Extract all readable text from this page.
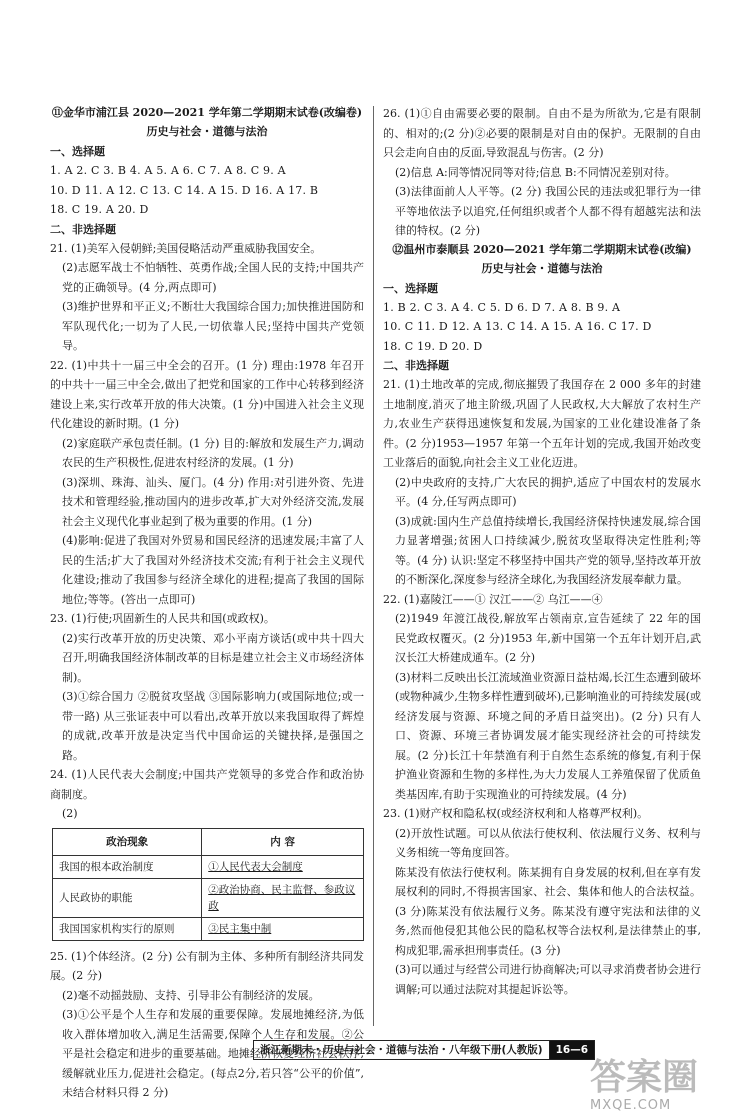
⑪金华市浦江县 2020—2021 学年第二学期期末试卷(改编卷)
历史与社会・道德与法治
一、选择题
1. A 2. C 3. B 4. A 5. A 6. C 7. A 8. C 9. A
10. D 11. A 12. C 13. C 14. A 15. D 16. A 17. B
18. C 19. A 20. D
二、非选择题

21. (1)美军入侵朝鲜;美国侵略活动严重威胁我国安全。

(2)志愿军战士不怕牺牲、英勇作战;全国人民的支持;中国共产党的正确领导。(4 分,两点即可)

(3)维护世界和平正义;不断壮大我国综合国力;加快推进国防和军队现代化;一切为了人民,一切依靠人民;坚持中国共产党领导。

22. (1)中共十一届三中全会的召开。(1 分) 理由:1978 年召开的中共十一届三中全会,做出了把党和国家的工作中心转移到经济建设上来,实行改革开放的伟大决策。(1 分)中国进入社会主义现代化建设的新时期。(1 分)

(2)家庭联产承包责任制。(1 分) 目的:解放和发展生产力,调动农民的生产积极性,促进农村经济的发展。(1 分)

(3)深圳、珠海、汕头、厦门。(4 分) 作用:对引进外资、先进技术和管理经验,推动国内的进步改革,扩大对外经济交流,发展社会主义现代化事业起到了极为重要的作用。(1 分)

(4)影响:促进了我国对外贸易和国民经济的迅速发展;丰富了人民的生活;扩大了我国对外经济技术交流;有利于社会主义现代化建设;推动了我国参与经济全球化的进程;提高了我国的国际地位;等等。(答出一点即可)

23. (1)行使;巩固新生的人民共和国(或政权)。

(2)实行改革开放的历史决策、邓小平南方谈话(或中共十四大召开,明确我国经济体制改革的目标是建立社会主义市场经济体制)。

(3)①综合国力 ②脱贫攻坚战 ③国际影响力(或国际地位;或一带一路) 从三张证表中可以看出,改革开放以来我国取得了辉煌的成就,改革开放是决定当代中国命运的关键抉择,是强国之路。

24. (1)人民代表大会制度;中国共产党领导的多党合作和政治协商制度。

(2)

政治现象	内 容
我国的根本政治制度	①人民代表大会制度
人民政协的职能	②政治协商、民主监督、参政议政
我国国家机构实行的原则	③民主集中制

25. (1)个体经济。(2 分) 公有制为主体、多种所有制经济共同发展。(2 分)

(2)毫不动摇鼓励、支持、引导非公有制经济的发展。

(3)①公平是个人生存和发展的重要保障。发展地摊经济,为低收入群体增加收入,满足生活需要,保障个人生存和发展。②公平是社会稳定和进步的重要基础。地摊经济恢复经济社会秩序,缓解就业压力,促进社会稳定。(每点2分,若只答“公平的价值”,未结合材料只得 2 分)

26. (1)①自由需要必要的限制。自由不是为所欲为,它是有限制的、相对的;(2 分)②必要的限制是对自由的保护。无限制的自由只会走向自由的反面,导致混乱与伤害。(2 分)

(2)信息 A:同等情况同等对待;信息 B:不同情况差别对待。

(3)法律面前人人平等。(2 分) 我国公民的违法或犯罪行为一律平等地依法予以追究,任何组织或者个人都不得有超越宪法和法律的特权。(2 分)

⑫温州市泰顺县 2020—2021 学年第二学期期末试卷(改编)
历史与社会・道德与法治
一、选择题
1. B 2. C 3. A 4. C 5. D 6. D 7. A 8. B 9. A
10. C 11. D 12. A 13. C 14. A 15. A 16. C 17. D
18. C 19. D 20. D
二、非选择题

21. (1)土地改革的完成,彻底摧毁了我国存在 2 000 多年的封建土地制度,消灭了地主阶级,巩固了人民政权,大大解放了农村生产力,农业生产获得迅速恢复和发展,为国家的工业化建设准备了条件。(2 分)1953—1957 年第一个五年计划的完成,我国开始改变工业落后的面貌,向社会主义工业化迈进。

(2)中央政府的支持,广大农民的拥护,适应了中国农村的发展水平。(4 分,任写两点即可)

(3)成就:国内生产总值持续增长,我国经济保持快速发展,综合国力显著增强;贫困人口持续减少,脱贫攻坚取得决定性胜利;等等。(4 分) 认识:坚定不移坚持中国共产党的领导,坚持改革开放的不断深化,深度参与经济全球化,为我国经济发展奉献力量。

22. (1)嘉陵江——① 汉江——② 乌江——④

(2)1949 年渡江战役,解放军占领南京,宣告延续了 22 年的国民党政权覆灭。(2 分)1953 年,新中国第一个五年计划开启,武汉长江大桥建成通车。(2 分)

(3)材料二反映出长江流域渔业资源日益枯竭,长江生态遭到破坏(或物种减少,生物多样性遭到破坏),已影响渔业的可持续发展(或经济发展与资源、环境之间的矛盾日益突出)。(2 分) 只有人口、资源、环境三者协调发展才能实现经济社会的可持续发展。(2 分)长江十年禁渔有利于自然生态系统的修复,有利于保护渔业资源和生物的多样性,为大力发展人工养殖保留了优质鱼类基因库,有助于实现渔业的可持续发展。(4 分)

23. (1)财产权和隐私权(或经济权利和人格尊严权利)。

(2)开放性试题。可以从依法行使权利、依法履行义务、权利与义务相统一等角度回答。

陈某没有依法行使权利。陈某拥有自身发展的权利,但在享有发展权利的同时,不得损害国家、社会、集体和他人的合法权益。(3 分)陈某没有依法履行义务。陈某没有遵守宪法和法律的义务,然而他侵犯其他公民的隐私权等合法权利,是法律禁止的事,构成犯罪,需承担刑事责任。(3 分)

(3)可以通过与经营公司进行协商解决;可以寻求消费者协会进行调解;可以通过法院对其提起诉讼等。

浙江新期末・历史与社会・道德与法治・八年级下册(人教版)	16—6
答案圈
MXQE.COM
